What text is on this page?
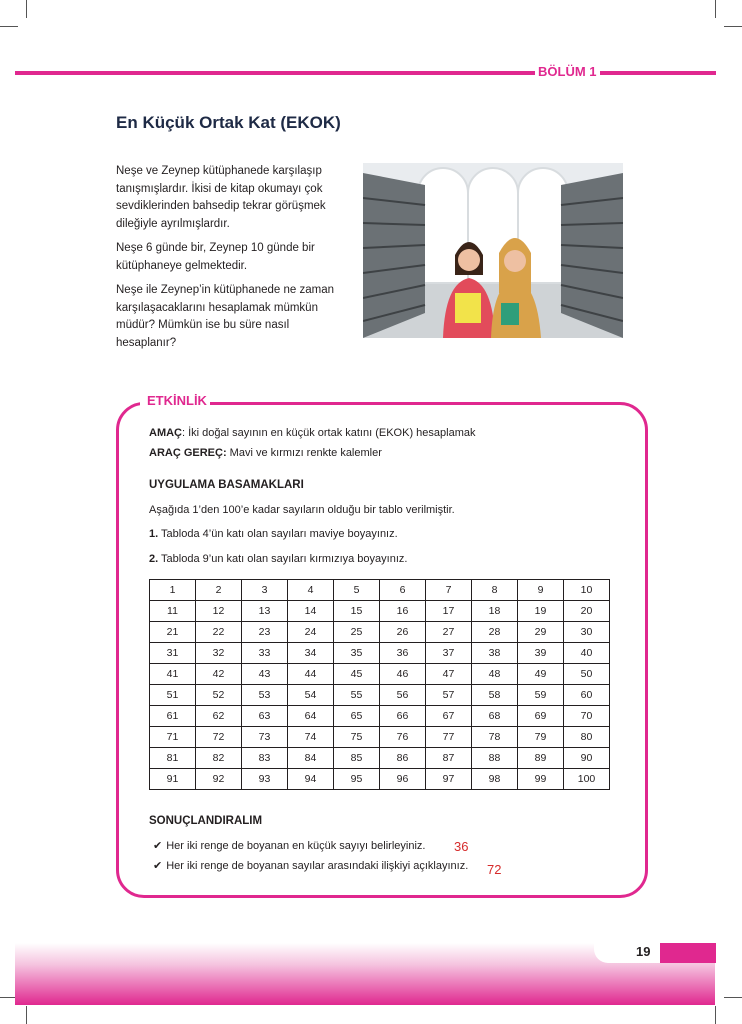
BÖLÜM 1
En Küçük Ortak Kat (EKOK)

Neşe ve Zeynep kütüphanede karşılaşıp tanışmışlardır. İkisi de kitap okumayı çok sevdiklerinden bahsedip tekrar görüşmek dileğiyle ayrılmışlardır.

Neşe 6 günde bir, Zeynep 10 günde bir kütüphaneye gelmektedir.

Neşe ile Zeynep’in kütüphanede ne zaman karşılaşacaklarını hesaplamak mümkün müdür? Mümkün ise bu süre nasıl hesaplanır?

ETKİNLİK
AMAÇ: İki doğal sayının en küçük ortak katını (EKOK) hesaplamak
ARAÇ GEREÇ: Mavi ve kırmızı renkte kalemler
UYGULAMA BASAMAKLARI
Aşağıda 1’den 100’e kadar sayıların olduğu bir tablo verilmiştir.
1. Tabloda 4’ün katı olan sayıları maviye boyayınız.
2. Tabloda 9’un katı olan sayıları kırmızıya boyayınız.
1	2	3	4	5	6	7	8	9	10
11	12	13	14	15	16	17	18	19	20
21	22	23	24	25	26	27	28	29	30
31	32	33	34	35	36	37	38	39	40
41	42	43	44	45	46	47	48	49	50
51	52	53	54	55	56	57	58	59	60
61	62	63	64	65	66	67	68	69	70
71	72	73	74	75	76	77	78	79	80
81	82	83	84	85	86	87	88	89	90
91	92	93	94	95	96	97	98	99	100
SONUÇLANDIRALIM
✔ Her iki renge de boyanan en küçük sayıyı belirleyiniz. 36
✔ Her iki renge de boyanan sayılar arasındaki ilişkiyi açıklayınız. 72
19
